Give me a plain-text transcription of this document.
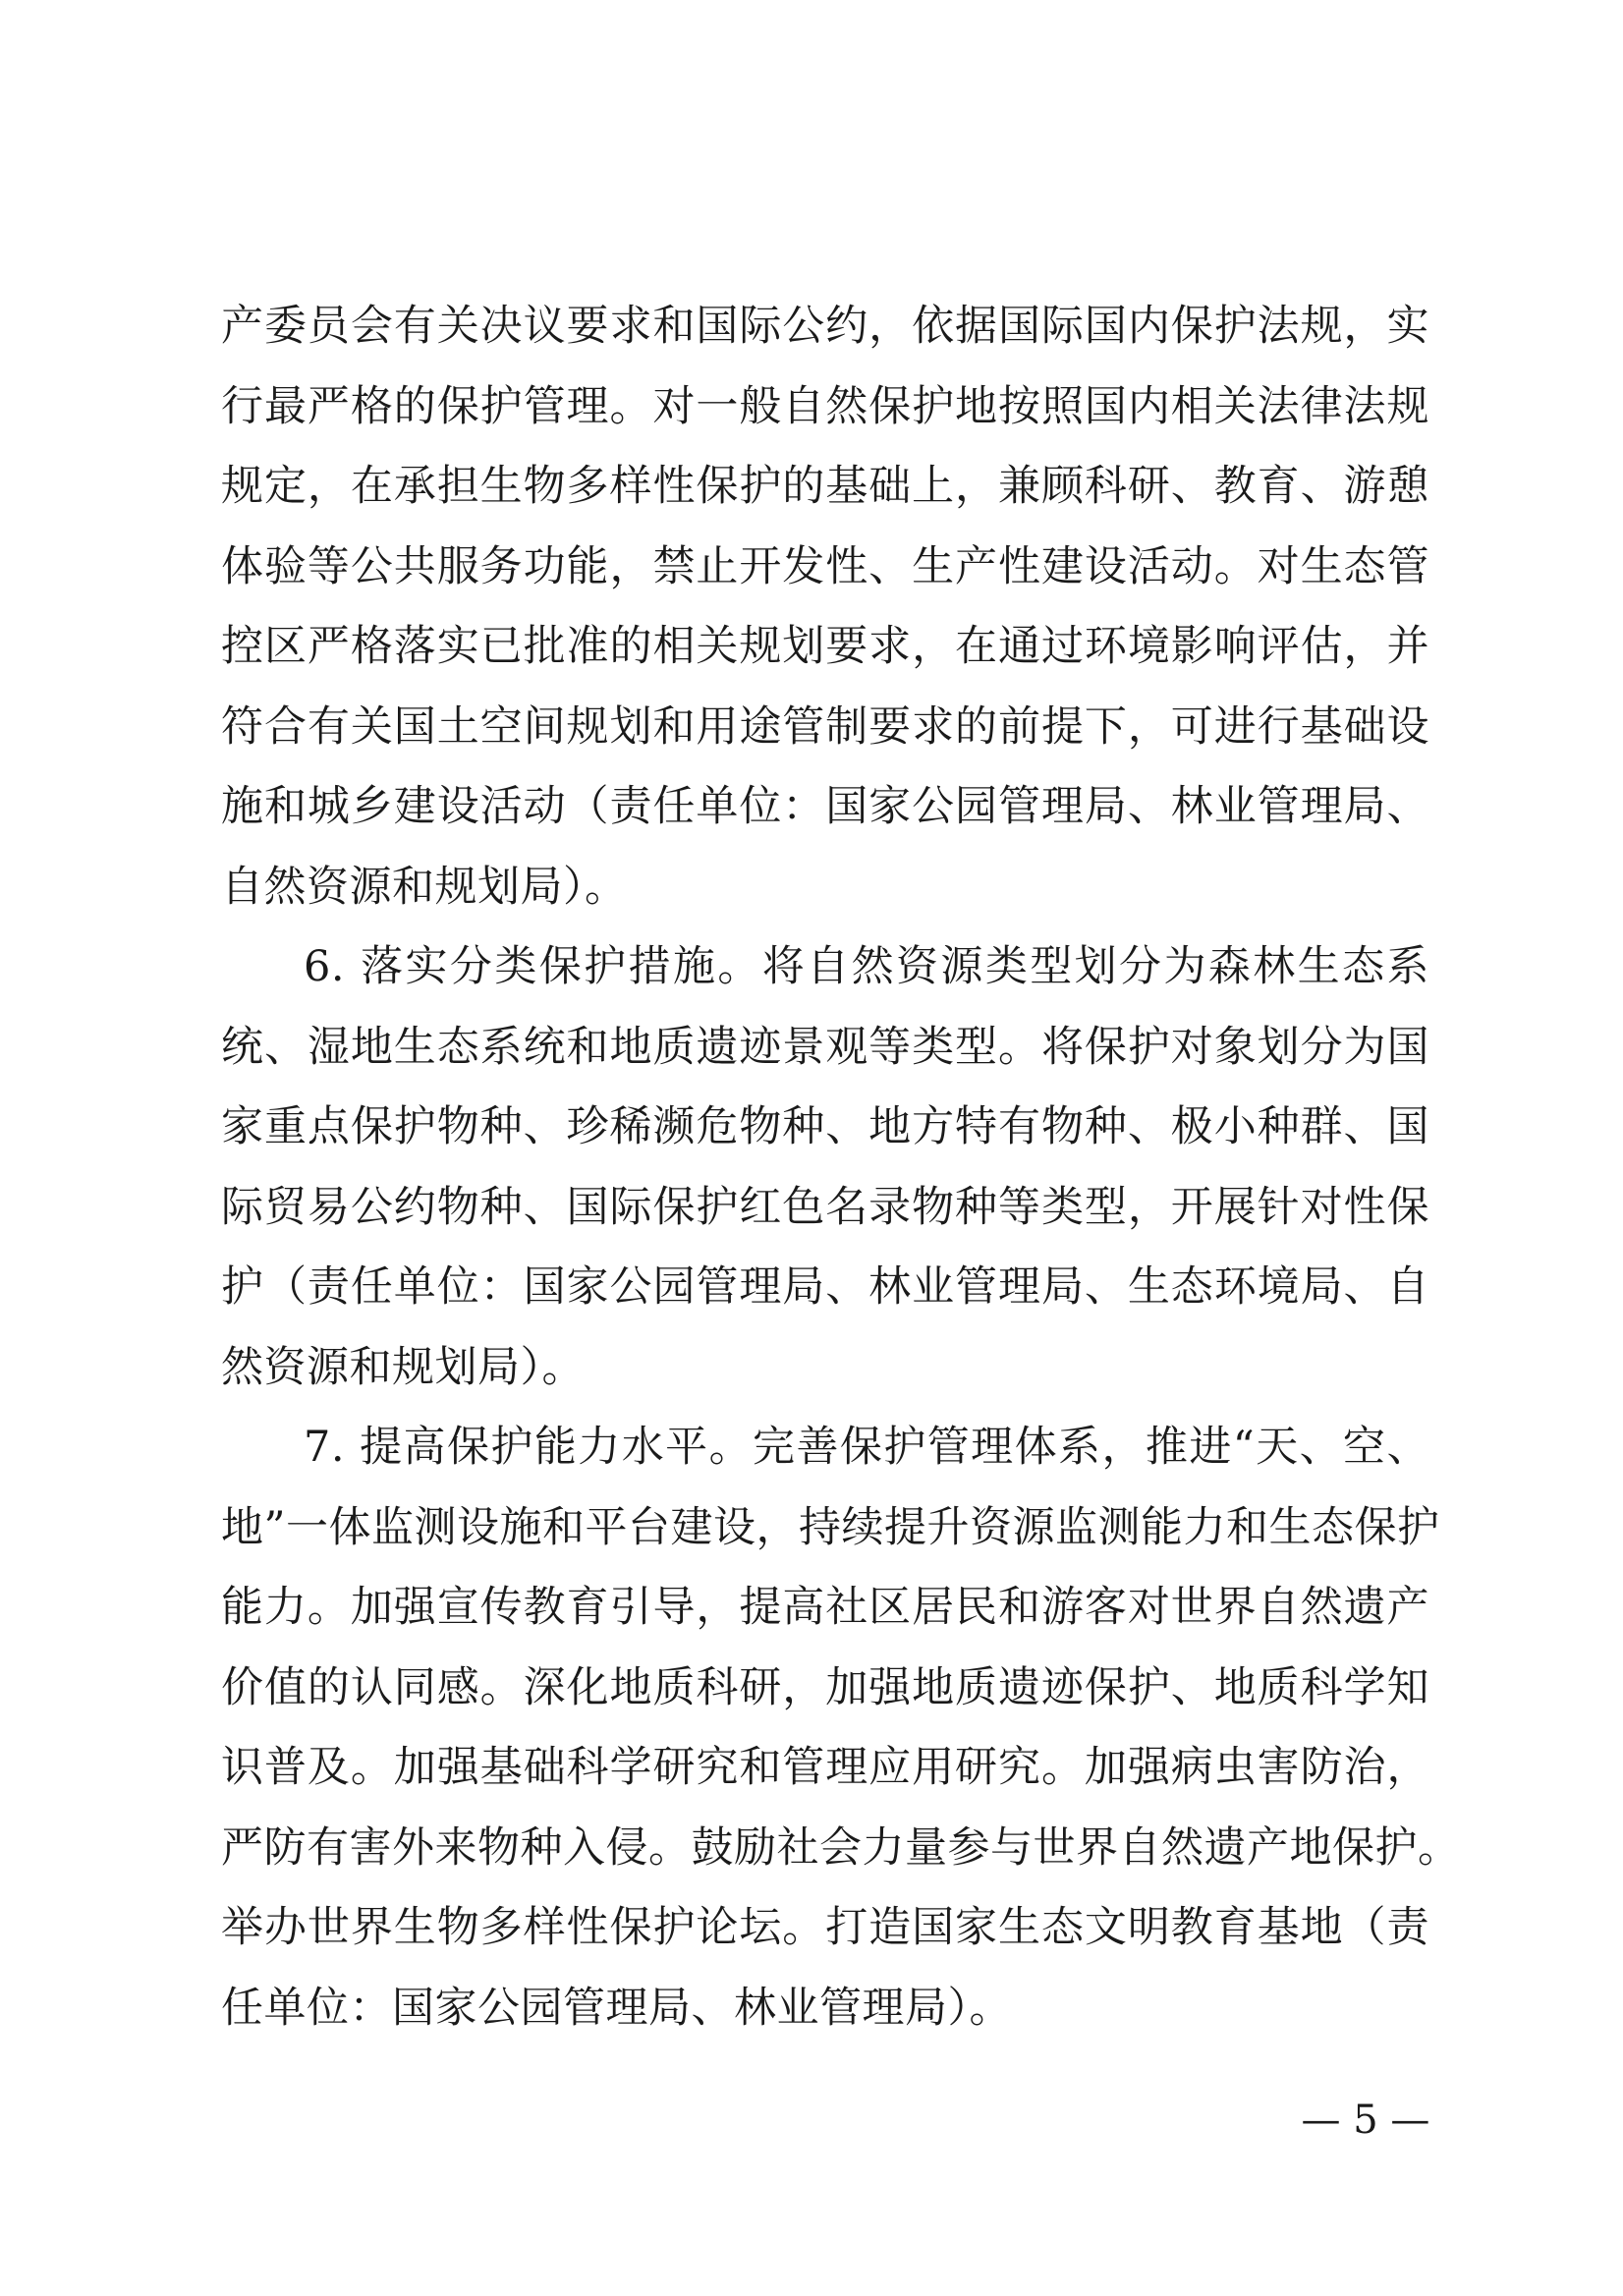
产委员会有关决议要求和国际公约，依据国际国内保护法规，实
行最严格的保护管理。对一般自然保护地按照国内相关法律法规
规定，在承担生物多样性保护的基础上，兼顾科研、教育、游憩
体验等公共服务功能，禁止开发性、生产性建设活动。对生态管
控区严格落实已批准的相关规划要求，在通过环境影响评估，并
符合有关国土空间规划和用途管制要求的前提下，可进行基础设
施和城乡建设活动（责任单位：国家公园管理局、林业管理局、
自然资源和规划局）。
6. 落实分类保护措施。将自然资源类型划分为森林生态系
统、湿地生态系统和地质遗迹景观等类型。将保护对象划分为国
家重点保护物种、珍稀濒危物种、地方特有物种、极小种群、国
际贸易公约物种、国际保护红色名录物种等类型，开展针对性保
护（责任单位：国家公园管理局、林业管理局、生态环境局、自
然资源和规划局）。
7. 提高保护能力水平。完善保护管理体系，推进“天、空、
地”一体监测设施和平台建设，持续提升资源监测能力和生态保护
能力。加强宣传教育引导，提高社区居民和游客对世界自然遗产
价值的认同感。深化地质科研，加强地质遗迹保护、地质科学知
识普及。加强基础科学研究和管理应用研究。加强病虫害防治，
严防有害外来物种入侵。鼓励社会力量参与世界自然遗产地保护。
举办世界生物多样性保护论坛。打造国家生态文明教育基地（责
任单位：国家公园管理局、林业管理局）。
— 5 —
